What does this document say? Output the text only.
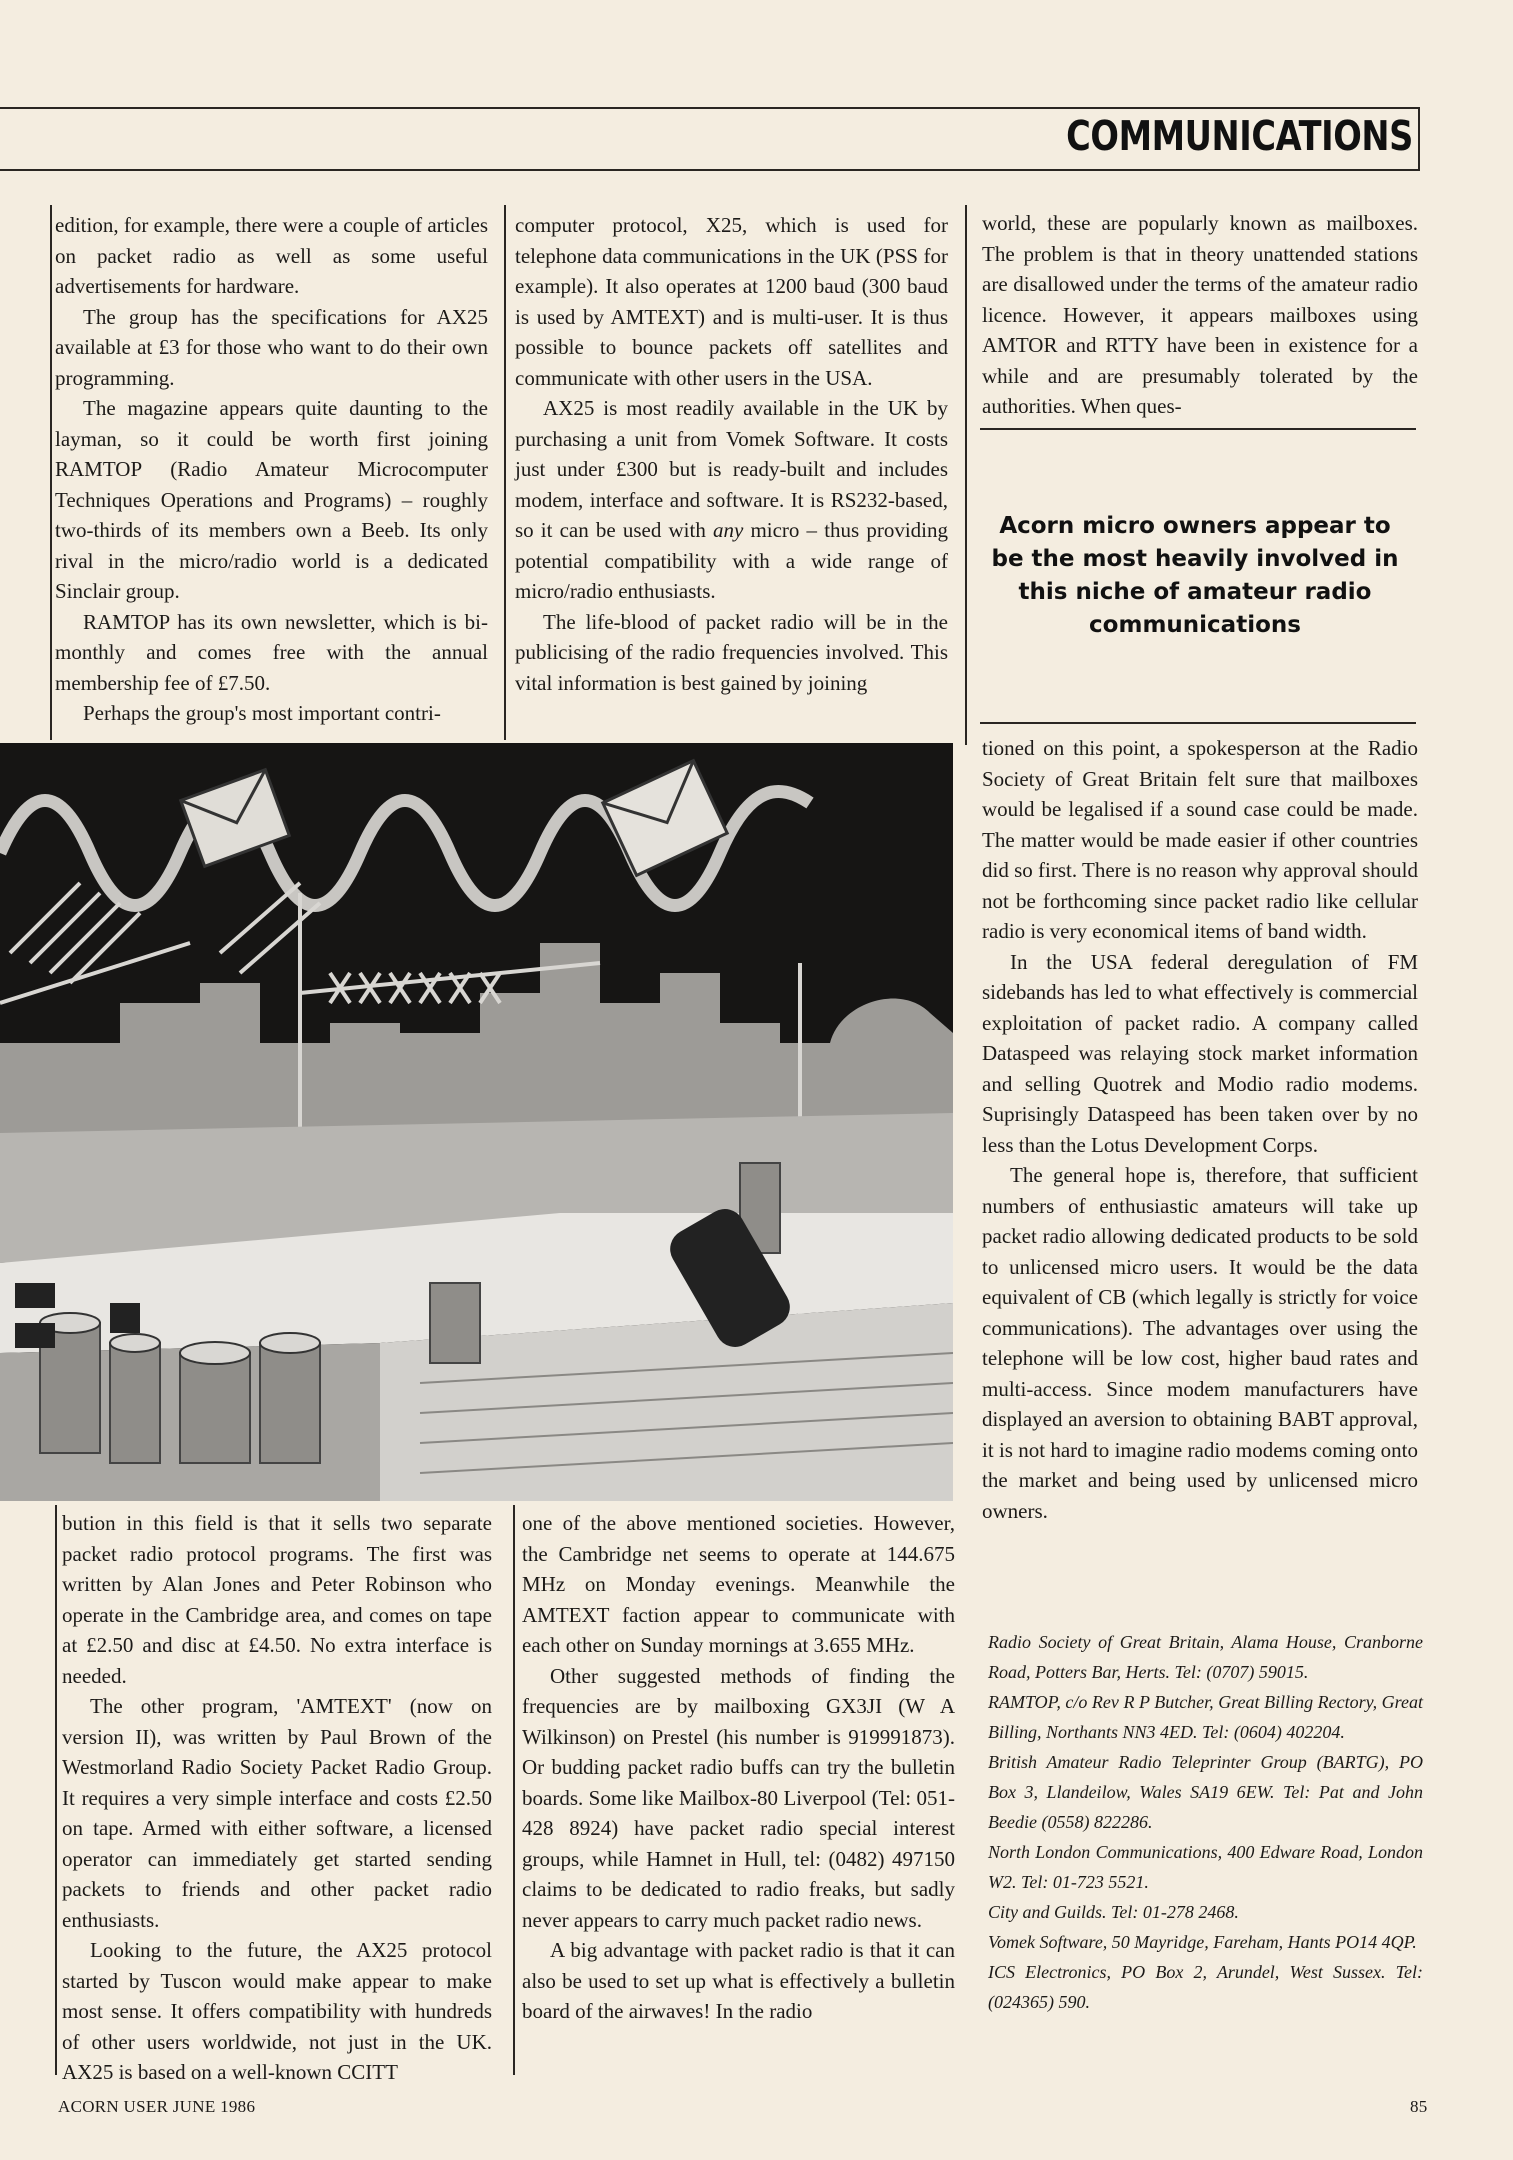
COMMUNICATIONS

edition, for example, there were a couple of articles on packet radio as well as some useful advertisements for hardware.

The group has the specifications for AX25 available at £3 for those who want to do their own programming.

The magazine appears quite daunting to the layman, so it could be worth first joining RAMTOP (Radio Amateur Microcomputer Techniques Operations and Programs) – roughly two-thirds of its members own a Beeb. Its only rival in the micro/radio world is a dedicated Sinclair group.

RAMTOP has its own newsletter, which is bi-monthly and comes free with the annual membership fee of £7.50.

Perhaps the group's most important contri-

computer protocol, X25, which is used for telephone data communications in the UK (PSS for example). It also operates at 1200 baud (300 baud is used by AMTEXT) and is multi-user. It is thus possible to bounce packets off satellites and communicate with other users in the USA.

AX25 is most readily available in the UK by purchasing a unit from Vomek Software. It costs just under £300 but is ready-built and includes modem, interface and software. It is RS232-based, so it can be used with any micro – thus providing potential compatibility with a wide range of micro/radio enthusiasts.

The life-blood of packet radio will be in the publicising of the radio frequencies involved. This vital information is best gained by joining

world, these are popularly known as mailboxes. The problem is that in theory unattended stations are disallowed under the terms of the amateur radio licence. However, it appears mailboxes using AMTOR and RTTY have been in existence for a while and are presumably tolerated by the authorities. When ques-

Acorn micro owners appear to be the most heavily involved in this niche of amateur radio communications

tioned on this point, a spokesperson at the Radio Society of Great Britain felt sure that mailboxes would be legalised if a sound case could be made. The matter would be made easier if other countries did so first. There is no reason why approval should not be forthcoming since packet radio like cellular radio is very economical items of band width.

In the USA federal deregulation of FM sidebands has led to what effectively is commercial exploitation of packet radio. A company called Dataspeed was relaying stock market information and selling Quotrek and Modio radio modems. Suprisingly Dataspeed has been taken over by no less than the Lotus Development Corps.

The general hope is, therefore, that sufficient numbers of enthusiastic amateurs will take up packet radio allowing dedicated products to be sold to unlicensed micro users. It would be the data equivalent of CB (which legally is strictly for voice communications). The advantages over using the telephone will be low cost, higher baud rates and multi-access. Since modem manufacturers have displayed an aversion to obtaining BABT approval, it is not hard to imagine radio modems coming onto the market and being used by unlicensed micro owners.

Radio Society of Great Britain, Alama House, Cranborne Road, Potters Bar, Herts. Tel: (0707) 59015.

RAMTOP, c/o Rev R P Butcher, Great Billing Rectory, Great Billing, Northants NN3 4ED. Tel: (0604) 402204.

British Amateur Radio Teleprinter Group (BARTG), PO Box 3, Llandeilow, Wales SA19 6EW. Tel: Pat and John Beedie (0558) 822286.

North London Communications, 400 Edware Road, London W2. Tel: 01-723 5521.

City and Guilds. Tel: 01-278 2468.

Vomek Software, 50 Mayridge, Fareham, Hants PO14 4QP.

ICS Electronics, PO Box 2, Arundel, West Sussex. Tel: (024365) 590.

bution in this field is that it sells two separate packet radio protocol programs. The first was written by Alan Jones and Peter Robinson who operate in the Cambridge area, and comes on tape at £2.50 and disc at £4.50. No extra interface is needed.

The other program, 'AMTEXT' (now on version II), was written by Paul Brown of the Westmorland Radio Society Packet Radio Group. It requires a very simple interface and costs £2.50 on tape. Armed with either software, a licensed operator can immediately get started sending packets to friends and other packet radio enthusiasts.

Looking to the future, the AX25 protocol started by Tuscon would make appear to make most sense. It offers compatibility with hundreds of other users worldwide, not just in the UK. AX25 is based on a well-known CCITT

one of the above mentioned societies. However, the Cambridge net seems to operate at 144.675 MHz on Monday evenings. Meanwhile the AMTEXT faction appear to communicate with each other on Sunday mornings at 3.655 MHz.

Other suggested methods of finding the frequencies are by mailboxing GX3JI (W A Wilkinson) on Prestel (his number is 919991873). Or budding packet radio buffs can try the bulletin boards. Some like Mailbox-80 Liverpool (Tel: 051-428 8924) have packet radio special interest groups, while Hamnet in Hull, tel: (0482) 497150 claims to be dedicated to radio freaks, but sadly never appears to carry much packet radio news.

A big advantage with packet radio is that it can also be used to set up what is effectively a bulletin board of the airwaves! In the radio

ACORN USER JUNE 1986	85
